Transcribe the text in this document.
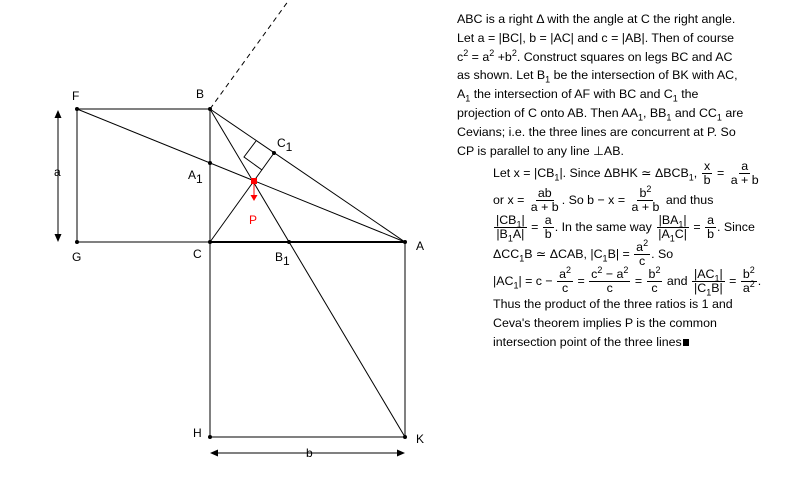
F	B
C1
A1
P
a
G	C	B1
A
H	K
b

ABC is a right Δ with the angle at C the right angle.

Let a = |BC|, b = |AC| and c = |AB|. Then of course

$c^2 = a^2 +b^2$. Construct squares on legs BC and AC

as shown. Let $B_1$ be the intersection of BK with AC,

$A_1$ the intersection of AF with BC and $C_1$ the

projection of C onto AB. Then $AA_1$, $BB_1$ and $CC_1$ are

Cevians; i.e. the three lines are concurrent at P. So

CP is parallel to any line ⊥AB.

Let $x = |CB_1|$. Since ΔBHK ≃ $\Delta BCB_1$, $\frac{x}{b} = \frac{a}{a + b}$

or $x = \frac{ab}{a + b}$ . So $b - x = \frac{b^2}{a + b}$ and thus

$\frac{|CB_1|}{|B_1A|} = \frac{a}{b}$ . In the same way $\frac{|BA_1|}{|A_1C|} = \frac{a}{b}$ . Since

$\Delta CC_1B$ ≃ ΔCAB, $|C_1B| = \frac{a^2}{c}$ . So

$|AC_1| = c - \frac{a^2}{c} = \frac{c^2 - a^2}{c} = \frac{b^2}{c}$ and $\frac{|AC_1|}{|C_1B|} = \frac{b^2}{a^2}$ .

Thus the product of the three ratios is 1 and

Ceva's theorem implies P is the common

intersection point of the three lines
